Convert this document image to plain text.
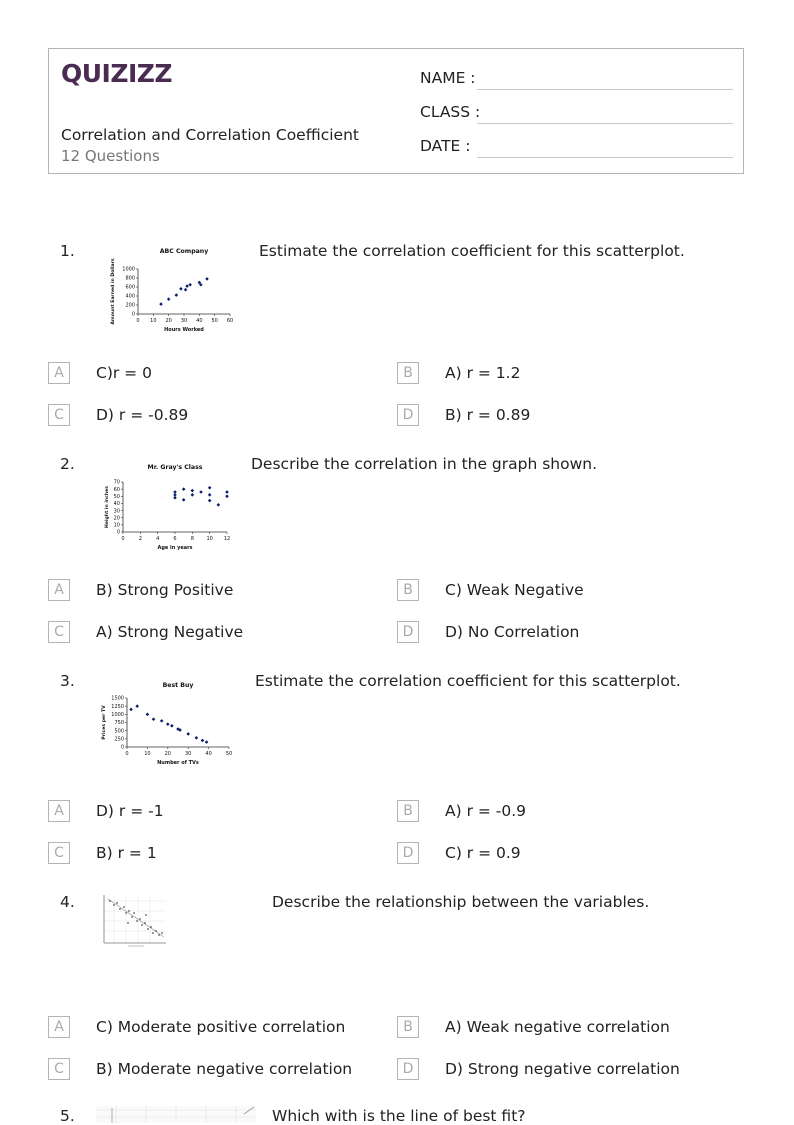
QUIZIZZ
Correlation and Correlation Coefficient
12 Questions
NAME :
CLASS :
DATE :
1.	ABC Company
0 10 20 30 40 50 60
0
200
400
600
800
1000
Hours Worked
Amount Earned in Dollars
Estimate the correlation coefficient for this scatterplot.
A	C)r = 0	B	A) r = 1.2
C	D) r = -0.89	D	B) r = 0.89
2.	Mr. Gray's Class
0	2	4	6	8	10 12
0
10
20
30
40
50
60
70
Age in years
Height in inches
Describe the correlation in the graph shown.
A	B) Strong Positive	B	C) Weak Negative
C	A) Strong Negative	D	D) No Correlation
3.	Best Buy
0	10	20	30	40	50
0
250
500
750
1000
1250
1500
Number of TVs
Prices per TV
Estimate the correlation coefficient for this scatterplot.
A	D) r = -1	B	A) r = -0.9
C	B) r = 1	D	C) r = 0.9
4.	Describe the relationship between the variables.
A	C) Moderate positive correlation	B	A) Weak negative correlation
C	B) Moderate negative correlation	D	D) Strong negative correlation
5.	Which with is the line of best fit?
